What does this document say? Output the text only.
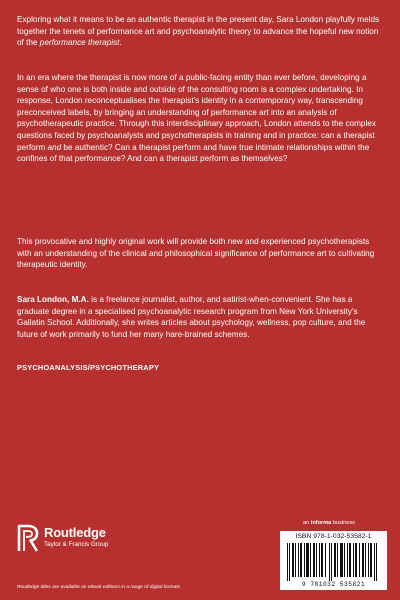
Exploring what it means to be an authentic therapist in the present day, Sara London playfully melds together the tenets of performance art and psychoanalytic theory to advance the hopeful new notion of the performance therapist.
In an era where the therapist is now more of a public-facing entity than ever before, developing a sense of who one is both inside and outside of the consulting room is a complex undertaking. In response, London reconceptualises the therapist's identity in a contemporary way, transcending preconceived labels, by bringing an understanding of performance art into an analysis of psychotherapeutic practice. Through this interdisciplinary approach, London attends to the complex questions faced by psychoanalysts and psychotherapists in training and in practice: can a therapist perform and be authentic? Can a therapist perform and have true intimate relationships within the confines of that performance? And can a therapist perform as themselves?
This provocative and highly original work will provide both new and experienced psychotherapists with an understanding of the clinical and philosophical significance of performance art to cultivating therapeutic identity.
Sara London, M.A. is a freelance journalist, author, and satirist-when-convenient. She has a graduate degree in a specialised psychoanalytic research program from New York University's Gallatin School. Additionally, she writes articles about psychology, wellness, pop culture, and the future of work primarily to fund her many hare-brained schemes.
PSYCHOANALYSIS/PSYCHOTHERAPY
Routledge
Taylor & Francis Group
an informa business
ISBN 978-1-032-53582-1
9 781032 535821
Routledge titles are available as eBook editions in a range of digital formats
